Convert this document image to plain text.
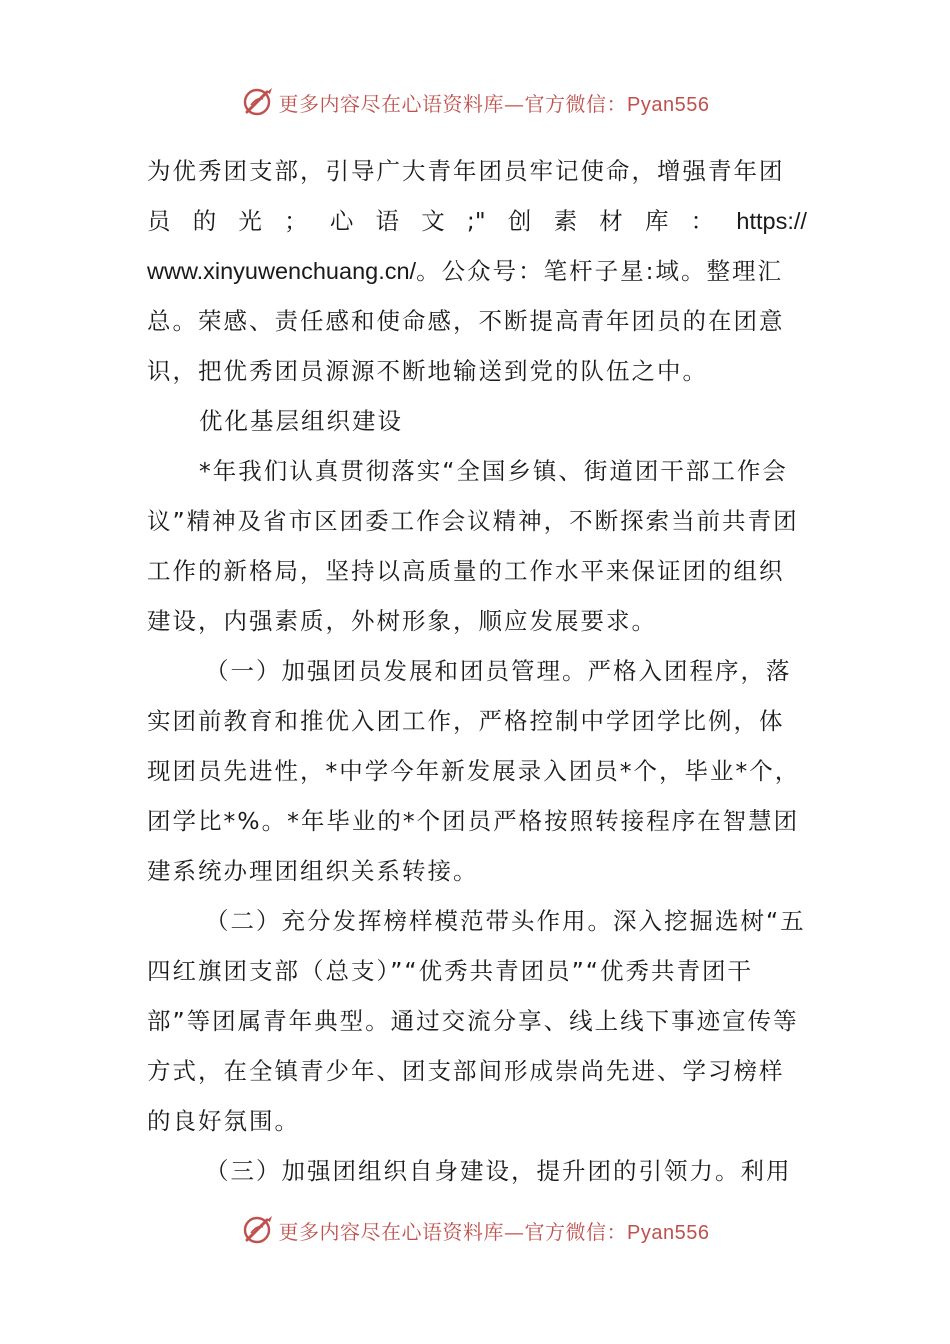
更多内容尽在心语资料库—官方微信：Pyan556

为优秀团支部，引导广大青年团员牢记使命，增强青年团

员 的 光 ； 心 语 文 ;" 创 素 材 库 ： https://

www.xinyuwenchuang.cn/。公众号：笔杆子星:域。整理汇

总。荣感、责任感和使命感，不断提高青年团员的在团意识，把优秀团员源源不断地输送到党的队伍之中。

优化基层组织建设

*年我们认真贯彻落实“全国乡镇、街道团干部工作会议”精神及省市区团委工作会议精神，不断探索当前共青团工作的新格局，坚持以高质量的工作水平来保证团的组织建设，内强素质，外树形象，顺应发展要求。

（一）加强团员发展和团员管理。严格入团程序，落实团前教育和推优入团工作，严格控制中学团学比例，体现团员先进性，*中学今年新发展录入团员*个，毕业*个，团学比*%。*年毕业的*个团员严格按照转接程序在智慧团建系统办理团组织关系转接。

（二）充分发挥榜样模范带头作用。深入挖掘选树“五四红旗团支部（总支）”“优秀共青团员”“优秀共青团干部”等团属青年典型。通过交流分享、线上线下事迹宣传等方式，在全镇青少年、团支部间形成崇尚先进、学习榜样的良好氛围。

（三）加强团组织自身建设，提升团的引领力。利用

更多内容尽在心语资料库—官方微信：Pyan556
